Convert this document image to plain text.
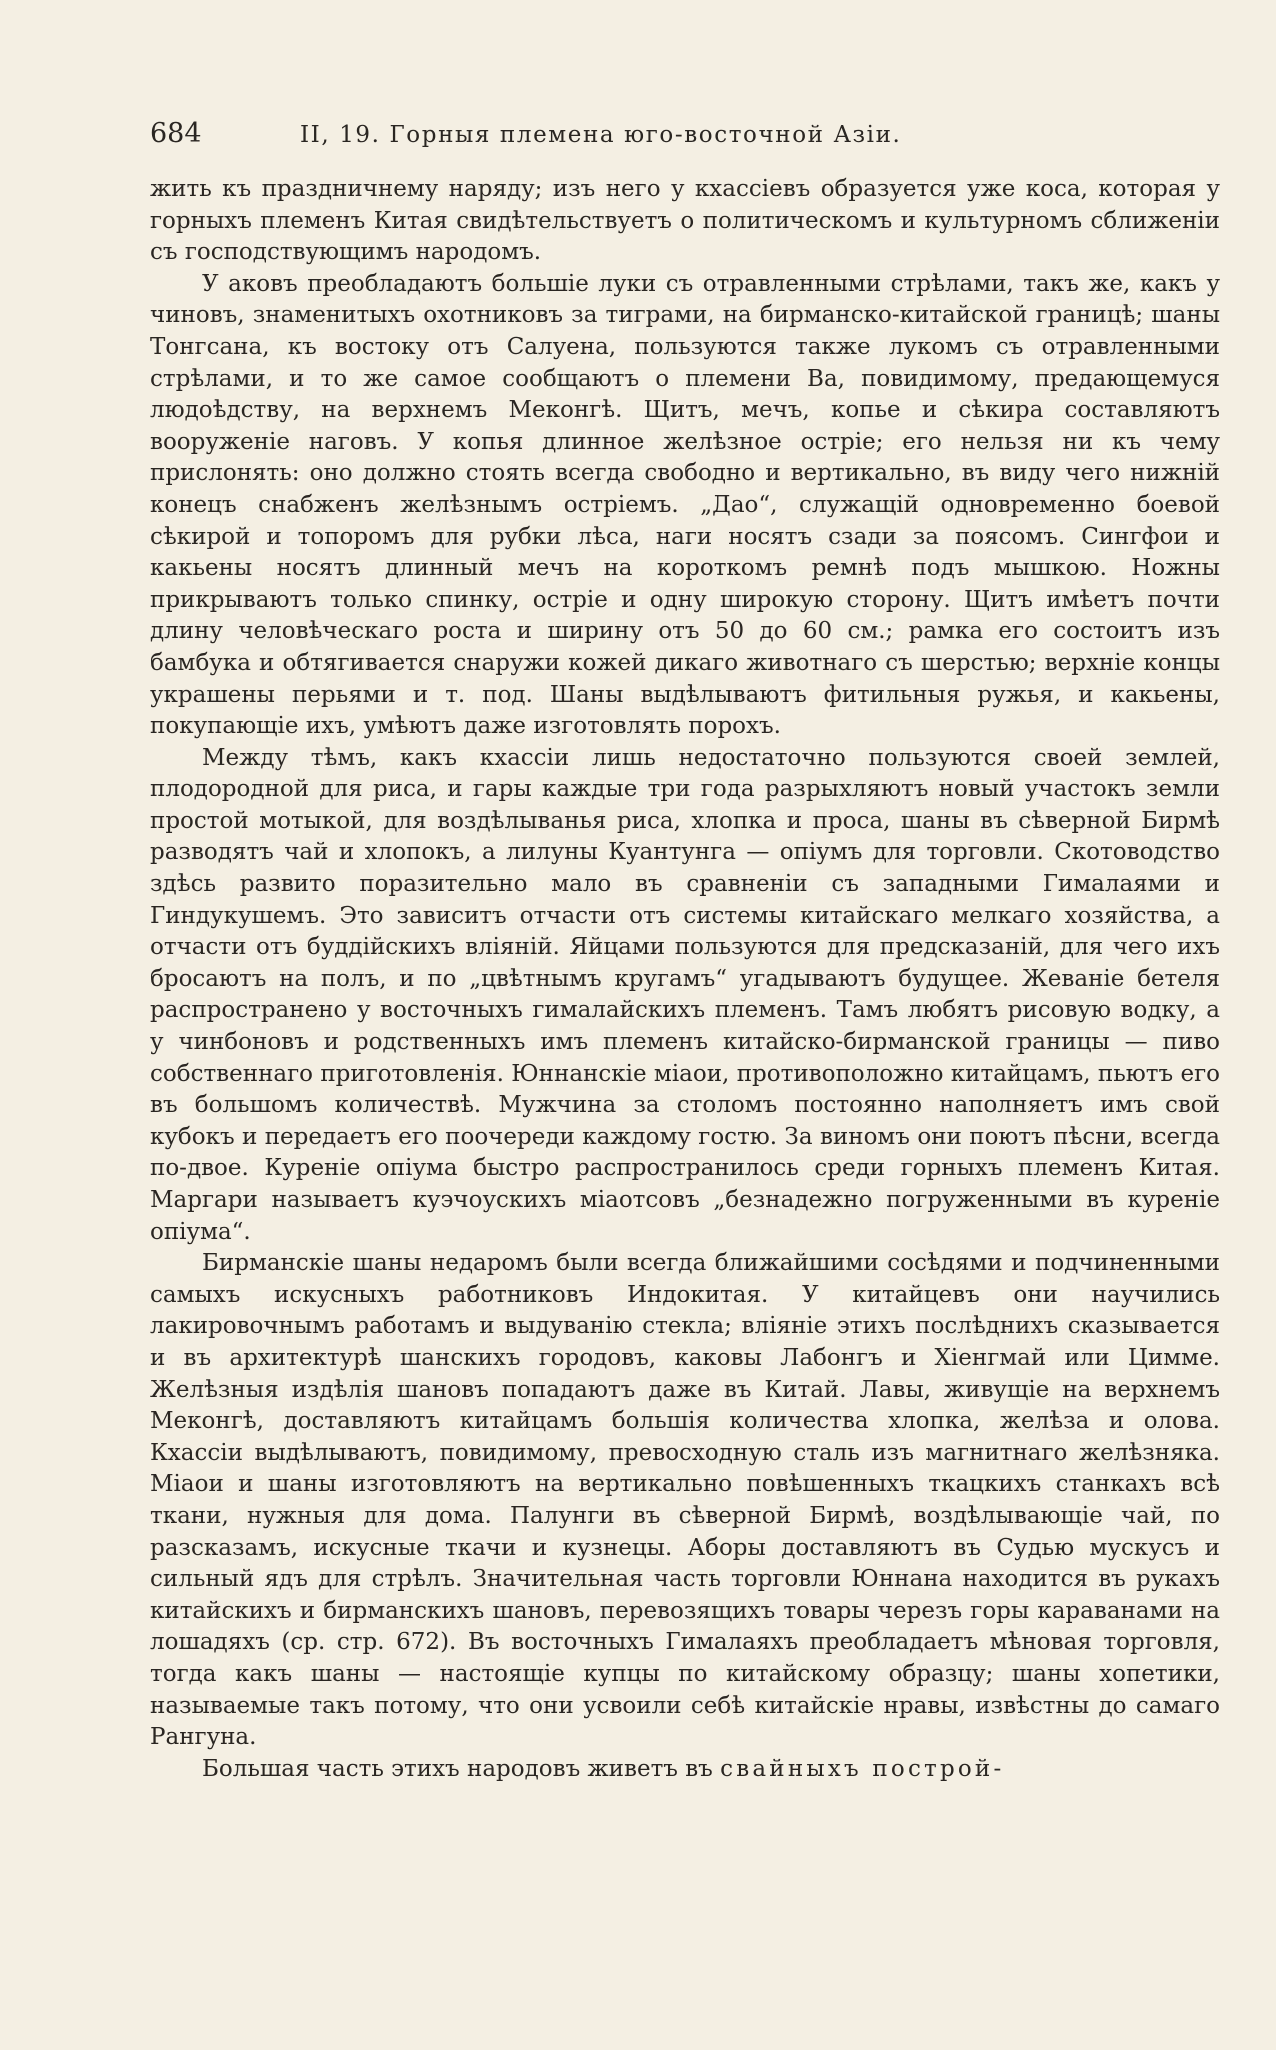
684	II, 19. Горныя племена юго-восточной Азіи.

жить къ праздничнему наряду; изъ него у кхассіевъ образуется уже коса, которая у горныхъ племенъ Китая свидѣтельствуетъ о политическомъ и культурномъ сближеніи съ господствующимъ народомъ.

У аковъ преобладаютъ большіе луки съ отравленными стрѣлами, такъ же, какъ у чиновъ, знаменитыхъ охотниковъ за тиграми, на бирманско-китайской границѣ; шаны Тонгсана, къ востоку отъ Салуена, пользуются также лукомъ съ отравленными стрѣлами, и то же самое сообщаютъ о племени Ва, повидимому, предающемуся людоѣдству, на верхнемъ Меконгѣ. Щитъ, мечъ, копье и сѣкира составляютъ вооруженіе наговъ. У копья длинное желѣзное остріе; его нельзя ни къ чему прислонять: оно должно стоять всегда свободно и вертикально, въ виду чего нижній конецъ снабженъ желѣзнымъ остріемъ. „Дао“, служащій одновременно боевой сѣкирой и топоромъ для рубки лѣса, наги носятъ сзади за поясомъ. Сингфои и какьены носятъ длинный мечъ на короткомъ ремнѣ подъ мышкою. Ножны прикрываютъ только спинку, остріе и одну широкую сторону. Щитъ имѣетъ почти длину человѣческаго роста и ширину отъ 50 до 60 см.; рамка его состоитъ изъ бамбука и обтягивается снаружи кожей дикаго животнаго съ шерстью; верхніе концы украшены перьями и т. под. Шаны выдѣлываютъ фитильныя ружья, и какьены, покупающіе ихъ, умѣютъ даже изготовлять порохъ.

Между тѣмъ, какъ кхассіи лишь недостаточно пользуются своей землей, плодородной для риса, и гары каждые три года разрыхляютъ новый участокъ земли простой мотыкой, для воздѣлыванья риса, хлопка и проса, шаны въ сѣверной Бирмѣ разводятъ чай и хлопокъ, а лилуны Куантунга — опіумъ для торговли. Скотоводство здѣсь развито поразительно мало въ сравненіи съ западными Гималаями и Гиндукушемъ. Это зависитъ отчасти отъ системы китайскаго мелкаго хозяйства, а отчасти отъ буддійскихъ вліяній. Яйцами пользуются для предсказаній, для чего ихъ бросаютъ на полъ, и по „цвѣтнымъ кругамъ“ угадываютъ будущее. Жеваніе бетеля распространено у восточныхъ гималайскихъ племенъ. Тамъ любятъ рисовую водку, а у чинбоновъ и родственныхъ имъ племенъ китайско-бирманской границы — пиво собственнаго приготовленія. Юннанскіе міаои, противоположно китайцамъ, пьютъ его въ большомъ количествѣ. Мужчина за столомъ постоянно наполняетъ имъ свой кубокъ и передаетъ его поочереди каждому гостю. За виномъ они поютъ пѣсни, всегда по-двое. Куреніе опіума быстро распространилось среди горныхъ племенъ Китая. Маргари называетъ куэчоускихъ міаотсовъ „безнадежно погруженными въ куреніе опіума“.

Бирманскіе шаны недаромъ были всегда ближайшими сосѣдями и подчиненными самыхъ искусныхъ работниковъ Индокитая. У китайцевъ они научились лакировочнымъ работамъ и выдуванію стекла; вліяніе этихъ послѣднихъ сказывается и въ архитектурѣ шанскихъ городовъ, каковы Лабонгъ и Хіенгмай или Цимме. Желѣзныя издѣлія шановъ попадаютъ даже въ Китай. Лавы, живущіе на верхнемъ Меконгѣ, доставляютъ китайцамъ большія количества хлопка, желѣза и олова. Кхассіи выдѣлываютъ, повидимому, превосходную сталь изъ магнитнаго желѣзняка. Міаои и шаны изготовляютъ на вертикально повѣшенныхъ ткацкихъ станкахъ всѣ ткани, нужныя для дома. Палунги въ сѣверной Бирмѣ, воздѣлывающіе чай, по разсказамъ, искусные ткачи и кузнецы. Аборы доставляютъ въ Судью мускусъ и сильный ядъ для стрѣлъ. Значительная часть торговли Юннана находится въ рукахъ китайскихъ и бирманскихъ шановъ, перевозящихъ товары черезъ горы караванами на лошадяхъ (ср. стр. 672). Въ восточныхъ Гималаяхъ преобладаетъ мѣновая торговля, тогда какъ шаны — настоящіе купцы по китайскому образцу; шаны хопетики, называемые такъ потому, что они усвоили себѣ китайскіе нравы, извѣстны до самаго Рангуна.

Большая часть этихъ народовъ живетъ въ свайныхъ построй-
